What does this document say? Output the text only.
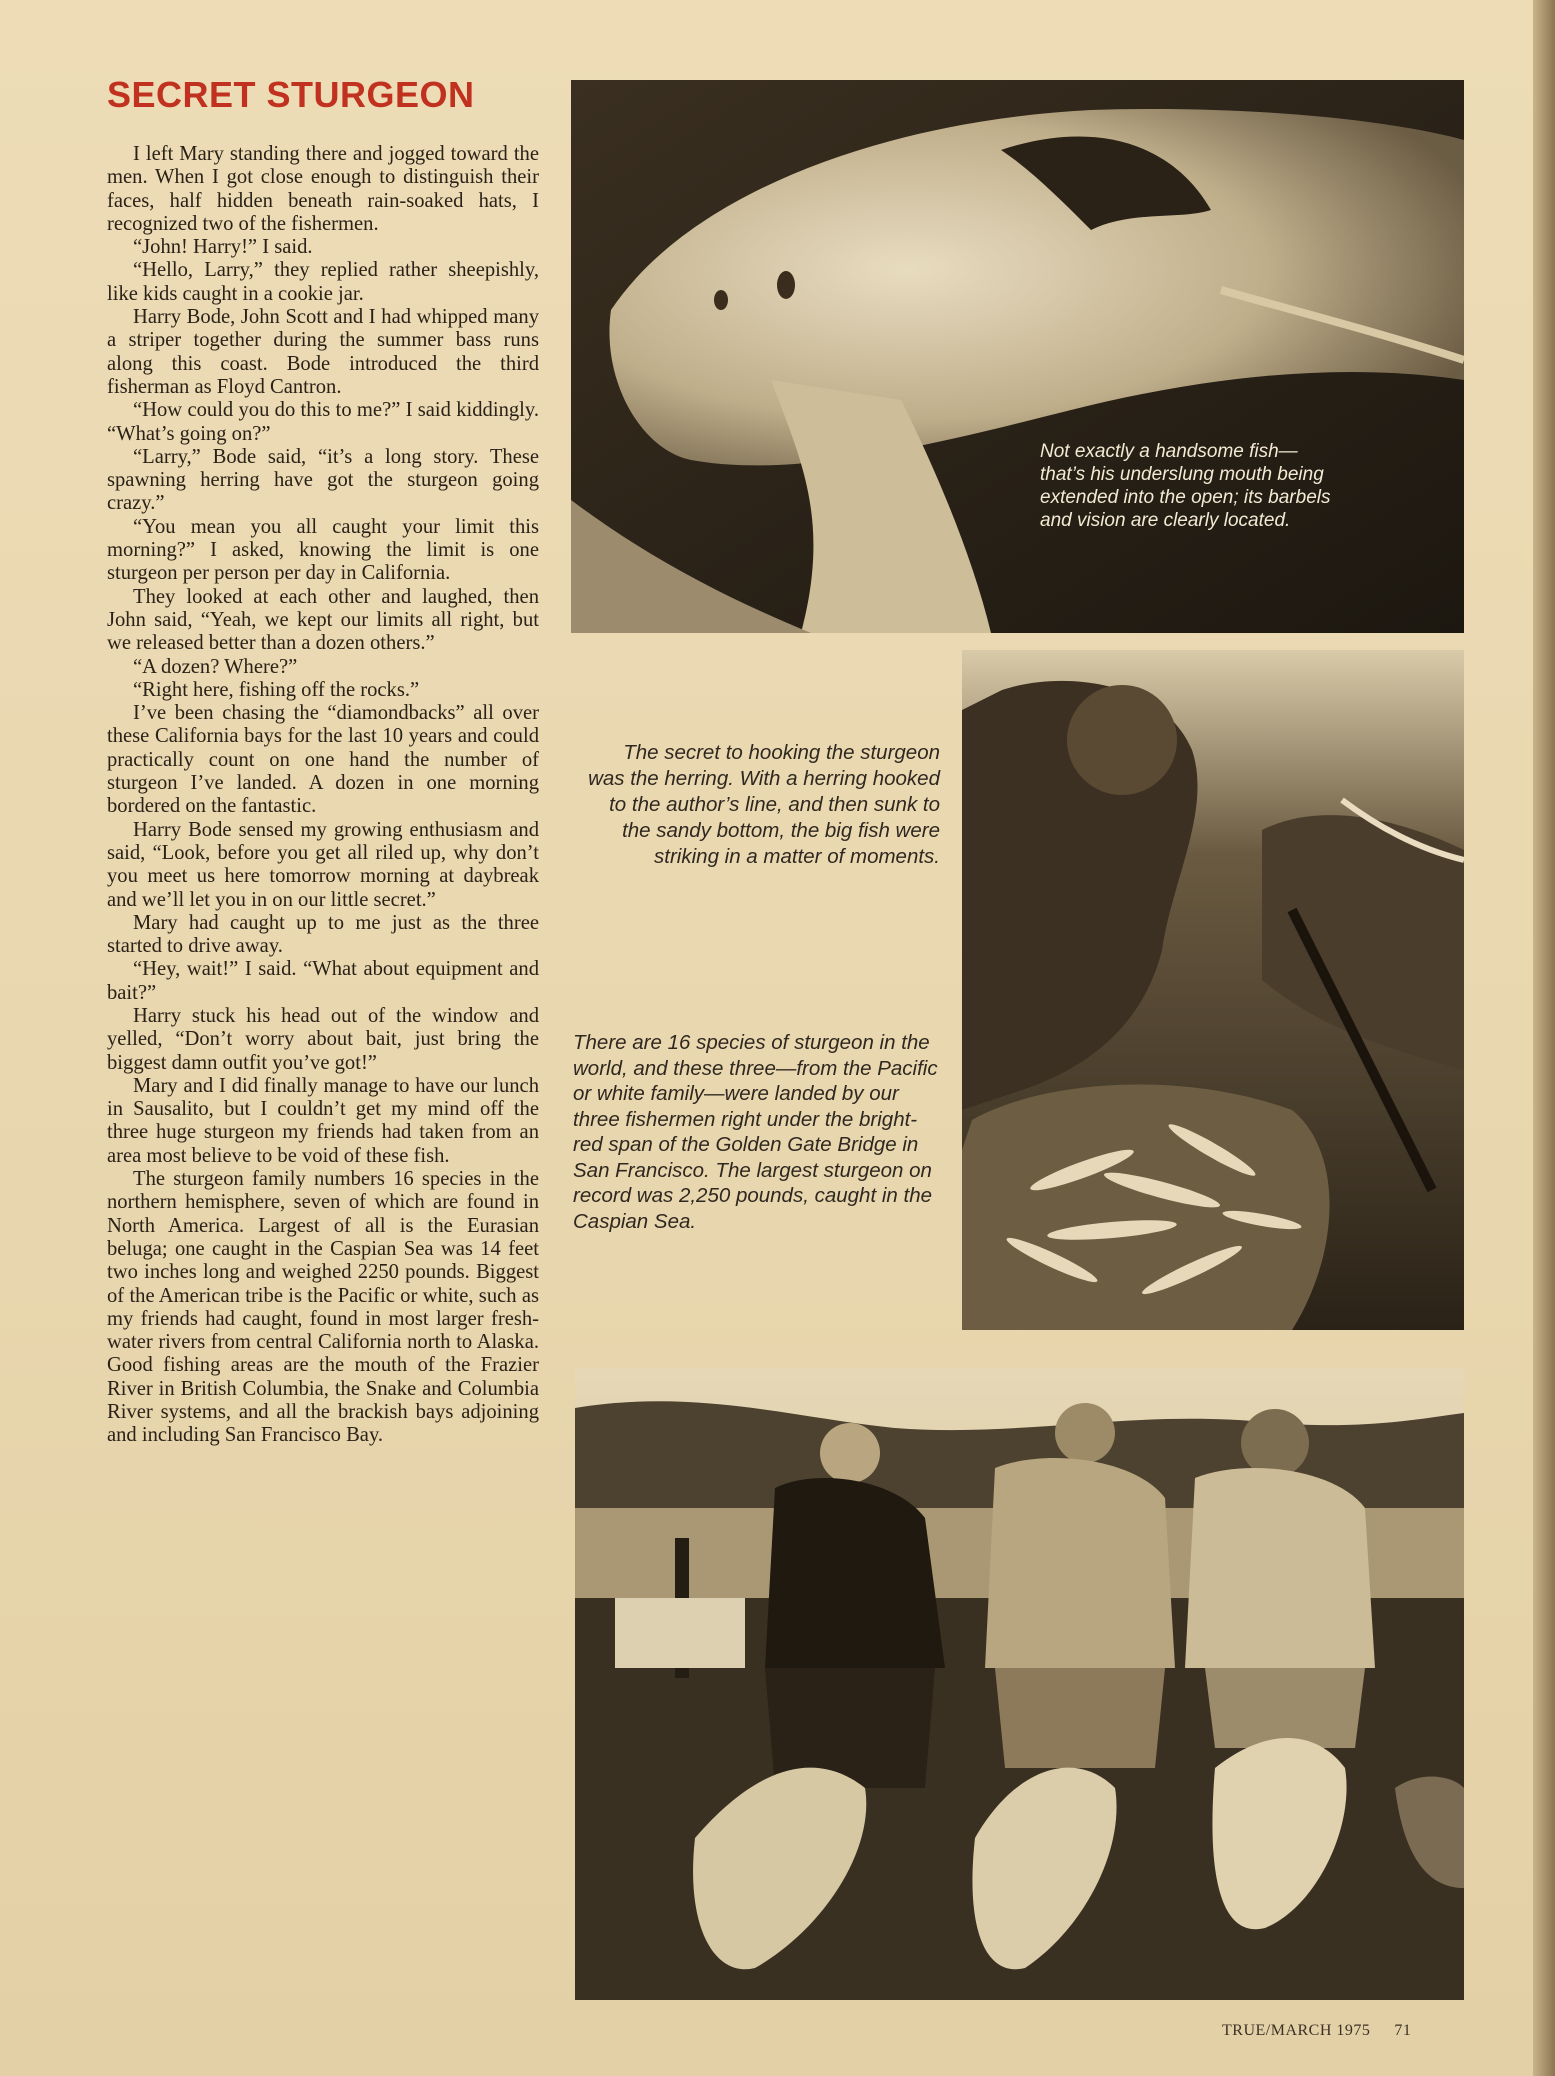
SECRET STURGEON

I left Mary standing there and jogged toward the men. When I got close enough to distinguish their faces, half hidden beneath rain-soaked hats, I recognized two of the fishermen.

“John! Harry!” I said.

“Hello, Larry,” they replied rather sheepishly, like kids caught in a cookie jar.

Harry Bode, John Scott and I had whipped many a striper together during the summer bass runs along this coast. Bode introduced the third fisherman as Floyd Cantron.

“How could you do this to me?” I said kiddingly. “What’s going on?”

“Larry,” Bode said, “it’s a long story. These spawning herring have got the sturgeon going crazy.”

“You mean you all caught your limit this morning?” I asked, knowing the limit is one sturgeon per person per day in California.

They looked at each other and laughed, then John said, “Yeah, we kept our limits all right, but we released better than a dozen others.”

“A dozen? Where?”

“Right here, fishing off the rocks.”

I’ve been chasing the “diamondbacks” all over these California bays for the last 10 years and could practically count on one hand the number of sturgeon I’ve landed. A dozen in one morning bordered on the fantastic.

Harry Bode sensed my growing enthusiasm and said, “Look, before you get all riled up, why don’t you meet us here tomorrow morning at daybreak and we’ll let you in on our little secret.”

Mary had caught up to me just as the three started to drive away.

“Hey, wait!” I said. “What about equipment and bait?”

Harry stuck his head out of the window and yelled, “Don’t worry about bait, just bring the biggest damn outfit you’ve got!”

Mary and I did finally manage to have our lunch in Sausalito, but I couldn’t get my mind off the three huge sturgeon my friends had taken from an area most believe to be void of these fish.

The sturgeon family numbers 16 species in the northern hemisphere, seven of which are found in North America. Largest of all is the Eurasian beluga; one caught in the Caspian Sea was 14 feet two inches long and weighed 2250 pounds. Biggest of the American tribe is the Pacific or white, such as my friends had caught, found in most larger fresh-water rivers from central California north to Alaska. Good fishing areas are the mouth of the Frazier River in British Columbia, the Snake and Columbia River systems, and all the brackish bays adjoining and including San Francisco Bay.

Not exactly a handsome fish—that’s his underslung mouth being extended into the open; its barbels and vision are clearly located.
The secret to hooking the sturgeon was the herring. With a herring hooked to the author’s line, and then sunk to the sandy bottom, the big fish were striking in a matter of moments.
There are 16 species of sturgeon in the world, and these three—from the Pacific or white family—were landed by our three fishermen right under the bright-red span of the Golden Gate Bridge in San Francisco. The largest sturgeon on record was 2,250 pounds, caught in the Caspian Sea.
TRUE/MARCH 1975 71
